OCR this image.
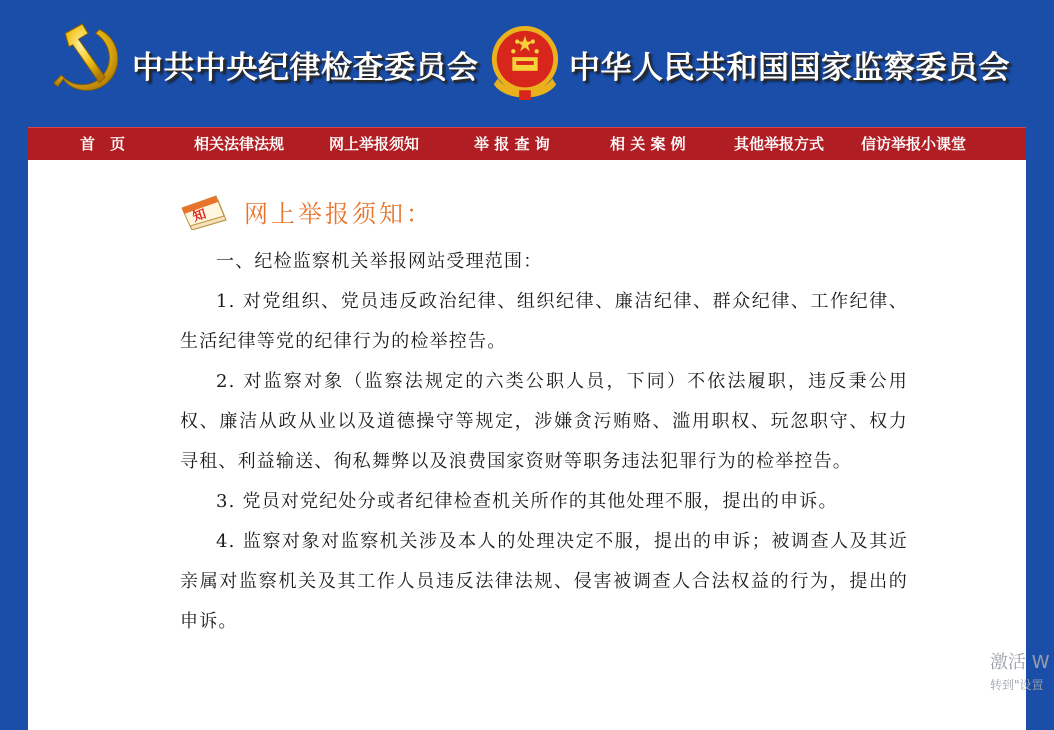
中共中央纪律检查委员会	中华人民共和国国家监察委员会
首　页	相关法律法规	网上举报须知	举 报 查 询	相 关 案 例	其他举报方式 信访举报小课堂
知 网上举报须知：

一、纪检监察机关举报网站受理范围：

1. 对党组织、党员违反政治纪律、组织纪律、廉洁纪律、群众纪律、工作纪律、生活纪律等党的纪律行为的检举控告。

2. 对监察对象（监察法规定的六类公职人员，下同）不依法履职，违反秉公用权、廉洁从政从业以及道德操守等规定，涉嫌贪污贿赂、滥用职权、玩忽职守、权力寻租、利益输送、徇私舞弊以及浪费国家资财等职务违法犯罪行为的检举控告。

3. 党员对党纪处分或者纪律检查机关所作的其他处理不服，提出的申诉。

4. 监察对象对监察机关涉及本人的处理决定不服，提出的申诉；被调查人及其近亲属对监察机关及其工作人员违反法律法规、侵害被调查人合法权益的行为，提出的申诉。

激活 W
转到"设置
